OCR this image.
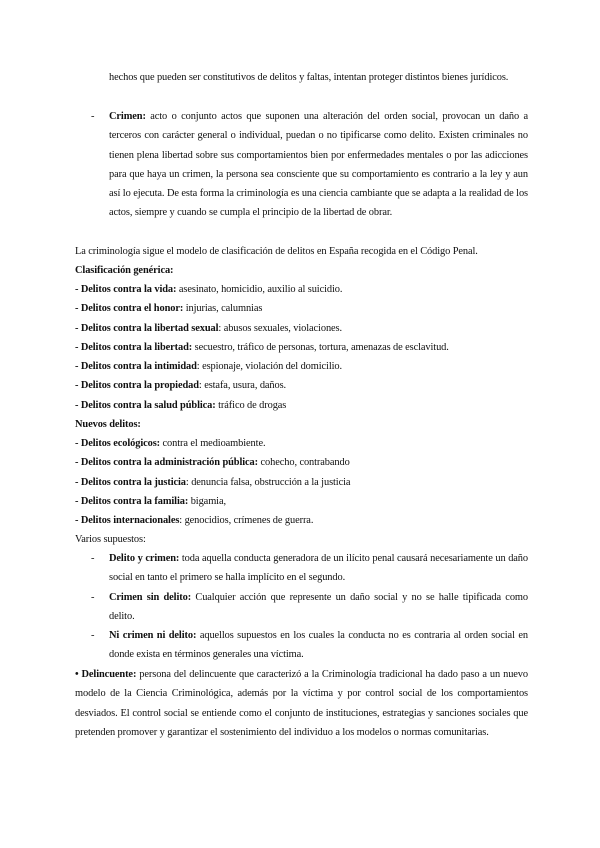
hechos que pueden ser constitutivos de delitos y faltas, intentan proteger distintos bienes jurídicos.
- Crimen: acto o conjunto actos que suponen una alteración del orden social, provocan un daño a terceros con carácter general o individual, puedan o no tipificarse como delito. Existen criminales no tienen plena libertad sobre sus comportamientos bien por enfermedades mentales o por las adicciones para que haya un crimen, la persona sea consciente que su comportamiento es contrario a la ley y aun así lo ejecuta. De esta forma la criminología es una ciencia cambiante que se adapta a la realidad de los actos, siempre y cuando se cumpla el principio de la libertad de obrar.
La criminología sigue el modelo de clasificación de delitos en España recogida en el Código Penal.
Clasificación genérica:
- Delitos contra la vida: asesinato, homicidio, auxilio al suicidio.
- Delitos contra el honor: injurias, calumnias
- Delitos contra la libertad sexual: abusos sexuales, violaciones.
- Delitos contra la libertad: secuestro, tráfico de personas, tortura, amenazas de esclavitud.
- Delitos contra la intimidad: espionaje, violación del domicilio.
- Delitos contra la propiedad: estafa, usura, daños.
- Delitos contra la salud pública: tráfico de drogas
Nuevos delitos:
- Delitos ecológicos: contra el medioambiente.
- Delitos contra la administración pública: cohecho, contrabando
- Delitos contra la justicia: denuncia falsa, obstrucción a la justicia
- Delitos contra la familia: bigamia,
- Delitos internacionales: genocidios, crímenes de guerra.
Varios supuestos:
- Delito y crimen: toda aquella conducta generadora de un ilícito penal causará necesariamente un daño social en tanto el primero se halla implícito en el segundo.
- Crimen sin delito: Cualquier acción que represente un daño social y no se halle tipificada como delito.
- Ni crimen ni delito: aquellos supuestos en los cuales la conducta no es contraria al orden social en donde exista en términos generales una víctima.
• Delincuente: persona del delincuente que caracterizó a la Criminología tradicional ha dado paso a un nuevo modelo de la Ciencia Criminológica, además por la víctima y por control social de los comportamientos desviados. El control social se entiende como el conjunto de instituciones, estrategias y sanciones sociales que pretenden promover y garantizar el sostenimiento del individuo a los modelos o normas comunitarias.
